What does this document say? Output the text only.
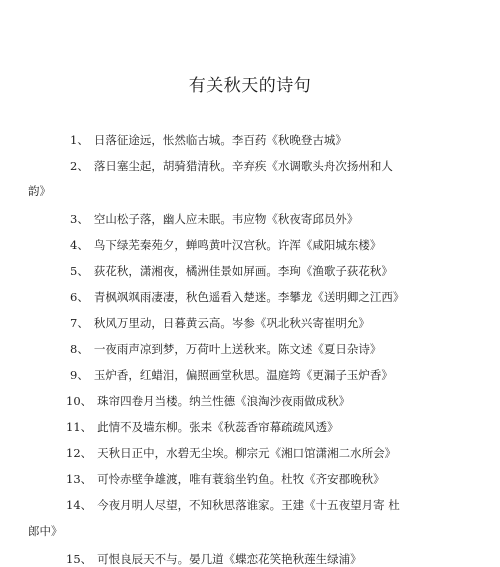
有关秋天的诗句
1、 日落征途远，怅然临古城。李百药《秋晚登古城》
2、 落日塞尘起，胡骑猎清秋。辛弃疾《水调歌头舟次扬州和人
韵》
3、 空山松子落，幽人应未眠。韦应物《秋夜寄邱员外》
4、 鸟下绿芜秦苑夕，蝉鸣黄叶汉宫秋。许浑《咸阳城东楼》
5、 荻花秋，潇湘夜，橘洲佳景如屏画。李珣《渔歌子荻花秋》
6、 青枫飒飒雨凄凄，秋色遥看入楚迷。李攀龙《送明卿之江西》
7、 秋风万里动，日暮黄云高。岑参《巩北秋兴寄崔明允》
8、 一夜雨声凉到梦，万荷叶上送秋来。陈文述《夏日杂诗》
9、 玉炉香，红蜡泪，偏照画堂秋思。温庭筠《更漏子玉炉香》
10、 珠帘四卷月当楼。纳兰性德《浪淘沙夜雨做成秋》
11、 此情不及墙东柳。张耒《秋蕊香帘幕疏疏风透》
12、 天秋日正中，水碧无尘埃。柳宗元《湘口馆潇湘二水所会》
13、 可怜赤壁争雄渡，唯有蓑翁坐钓鱼。杜牧《齐安郡晚秋》
14、 今夜月明人尽望，不知秋思落谁家。王建《十五夜望月寄 杜
郎中》
15、 可恨良辰天不与。晏几道《蝶恋花笑艳秋莲生绿浦》
